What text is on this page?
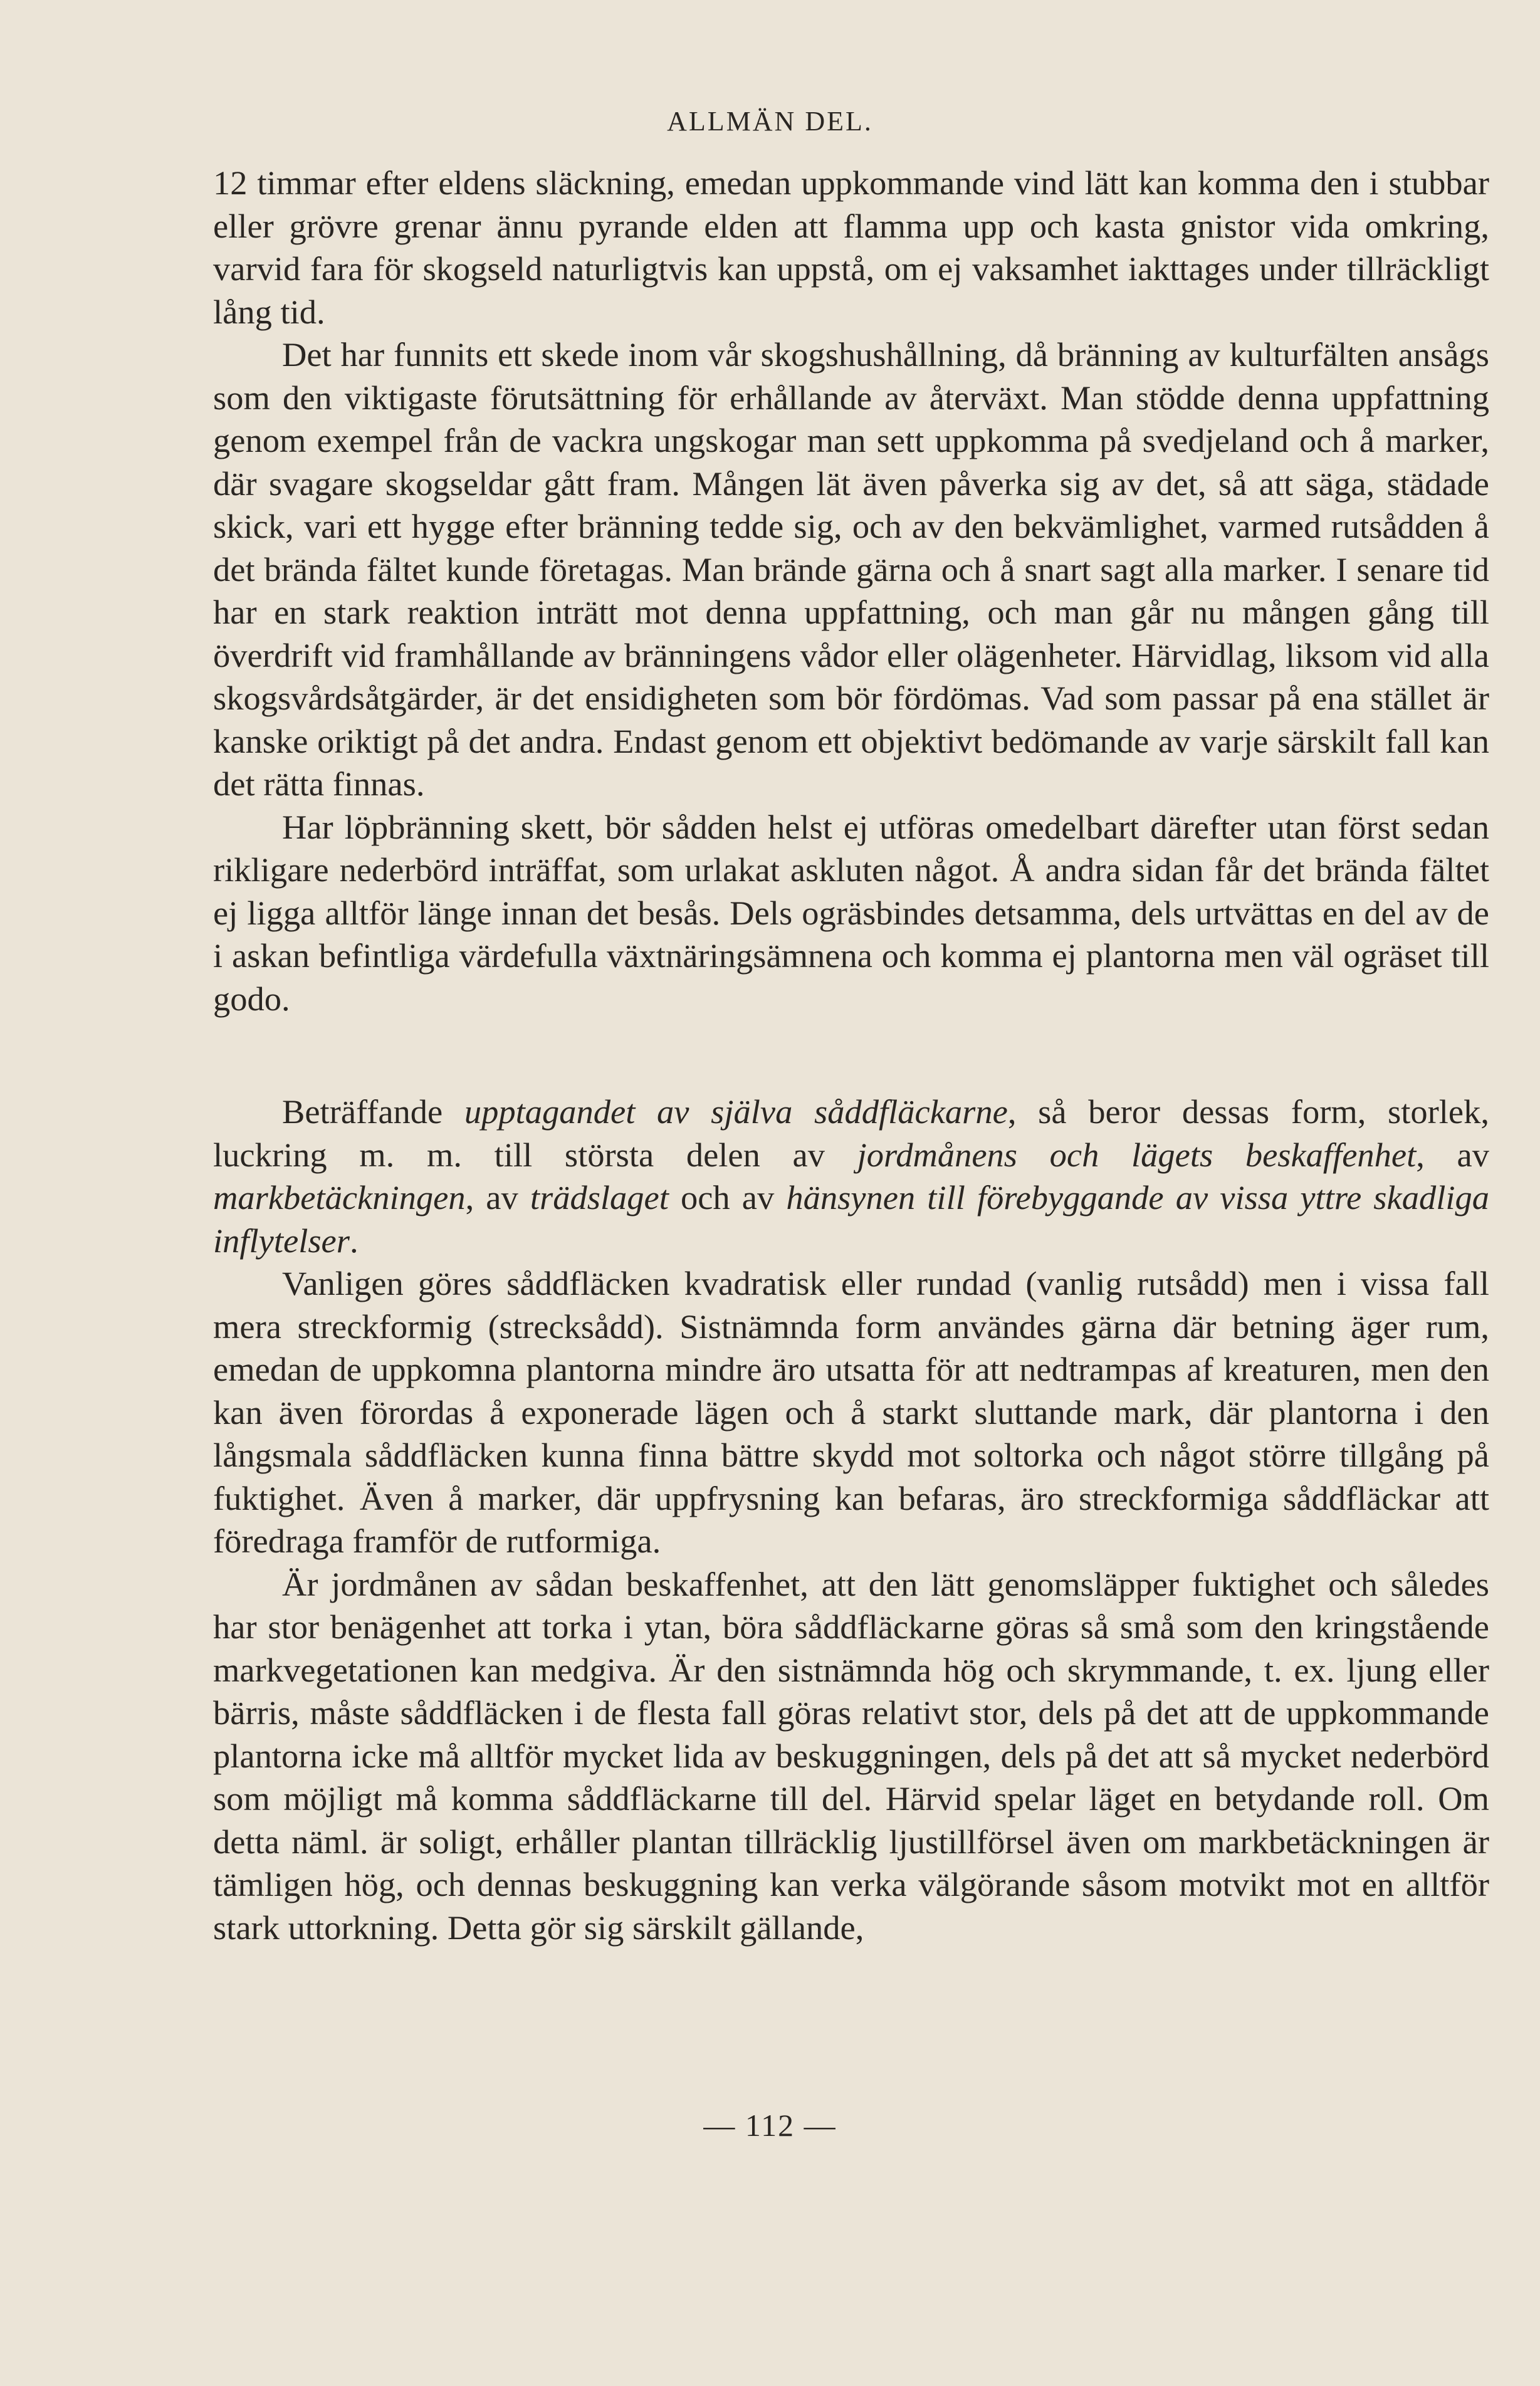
ALLMÄN DEL.

12 timmar efter eldens släckning, emedan uppkommande vind lätt kan komma den i stubbar eller grövre grenar ännu pyrande elden att flamma upp och kasta gnistor vida omkring, varvid fara för skogseld naturligtvis kan uppstå, om ej vaksamhet iakttages under tillräckligt lång tid.

Det har funnits ett skede inom vår skogshushållning, då bränning av kulturfälten ansågs som den viktigaste förutsättning för erhållande av återväxt. Man stödde denna uppfattning genom exempel från de vackra ungskogar man sett uppkomma på svedjeland och å marker, där svagare skogseldar gått fram. Mången lät även påverka sig av det, så att säga, städade skick, vari ett hygge efter bränning tedde sig, och av den bekvämlighet, varmed rutsådden å det brända fältet kunde företagas. Man brände gärna och å snart sagt alla marker. I senare tid har en stark reaktion inträtt mot denna uppfattning, och man går nu mången gång till överdrift vid framhållande av bränningens vådor eller olägenheter. Härvidlag, liksom vid alla skogsvårdsåtgärder, är det ensidigheten som bör fördömas. Vad som passar på ena stället är kanske oriktigt på det andra. Endast genom ett objektivt bedömande av varje särskilt fall kan det rätta finnas.

Har löpbränning skett, bör sådden helst ej utföras omedelbart därefter utan först sedan rikligare nederbörd inträffat, som urlakat askluten något. Å andra sidan får det brända fältet ej ligga alltför länge innan det besås. Dels ogräsbindes detsamma, dels urtvättas en del av de i askan befintliga värdefulla växtnäringsämnena och komma ej plantorna men väl ogräset till godo.

Beträffande upptagandet av själva såddfläckarne, så beror dessas form, storlek, luckring m. m. till största delen av jordmånens och lägets beskaffenhet, av markbetäckningen, av trädslaget och av hänsynen till förebyggande av vissa yttre skadliga inflytelser.

Vanligen göres såddfläcken kvadratisk eller rundad (vanlig rutsådd) men i vissa fall mera streckformig (strecksådd). Sistnämnda form användes gärna där betning äger rum, emedan de uppkomna plantorna mindre äro utsatta för att nedtrampas af kreaturen, men den kan även förordas å exponerade lägen och å starkt sluttande mark, där plantorna i den långsmala såddfläcken kunna finna bättre skydd mot soltorka och något större tillgång på fuktighet. Även å marker, där uppfrysning kan befaras, äro streckformiga såddfläckar att föredraga framför de rutformiga.

Är jordmånen av sådan beskaffenhet, att den lätt genomsläpper fuktighet och således har stor benägenhet att torka i ytan, böra såddfläckarne göras så små som den kringstående markvegetationen kan medgiva. Är den sistnämnda hög och skrymmande, t. ex. ljung eller bärris, måste såddfläcken i de flesta fall göras relativt stor, dels på det att de uppkommande plantorna icke må alltför mycket lida av beskuggningen, dels på det att så mycket nederbörd som möjligt må komma såddfläckarne till del. Härvid spelar läget en betydande roll. Om detta näml. är soligt, erhåller plantan tillräcklig ljustillförsel även om markbetäckningen är tämligen hög, och dennas beskuggning kan verka välgörande såsom motvikt mot en alltför stark uttorkning. Detta gör sig särskilt gällande,

— 112 —
